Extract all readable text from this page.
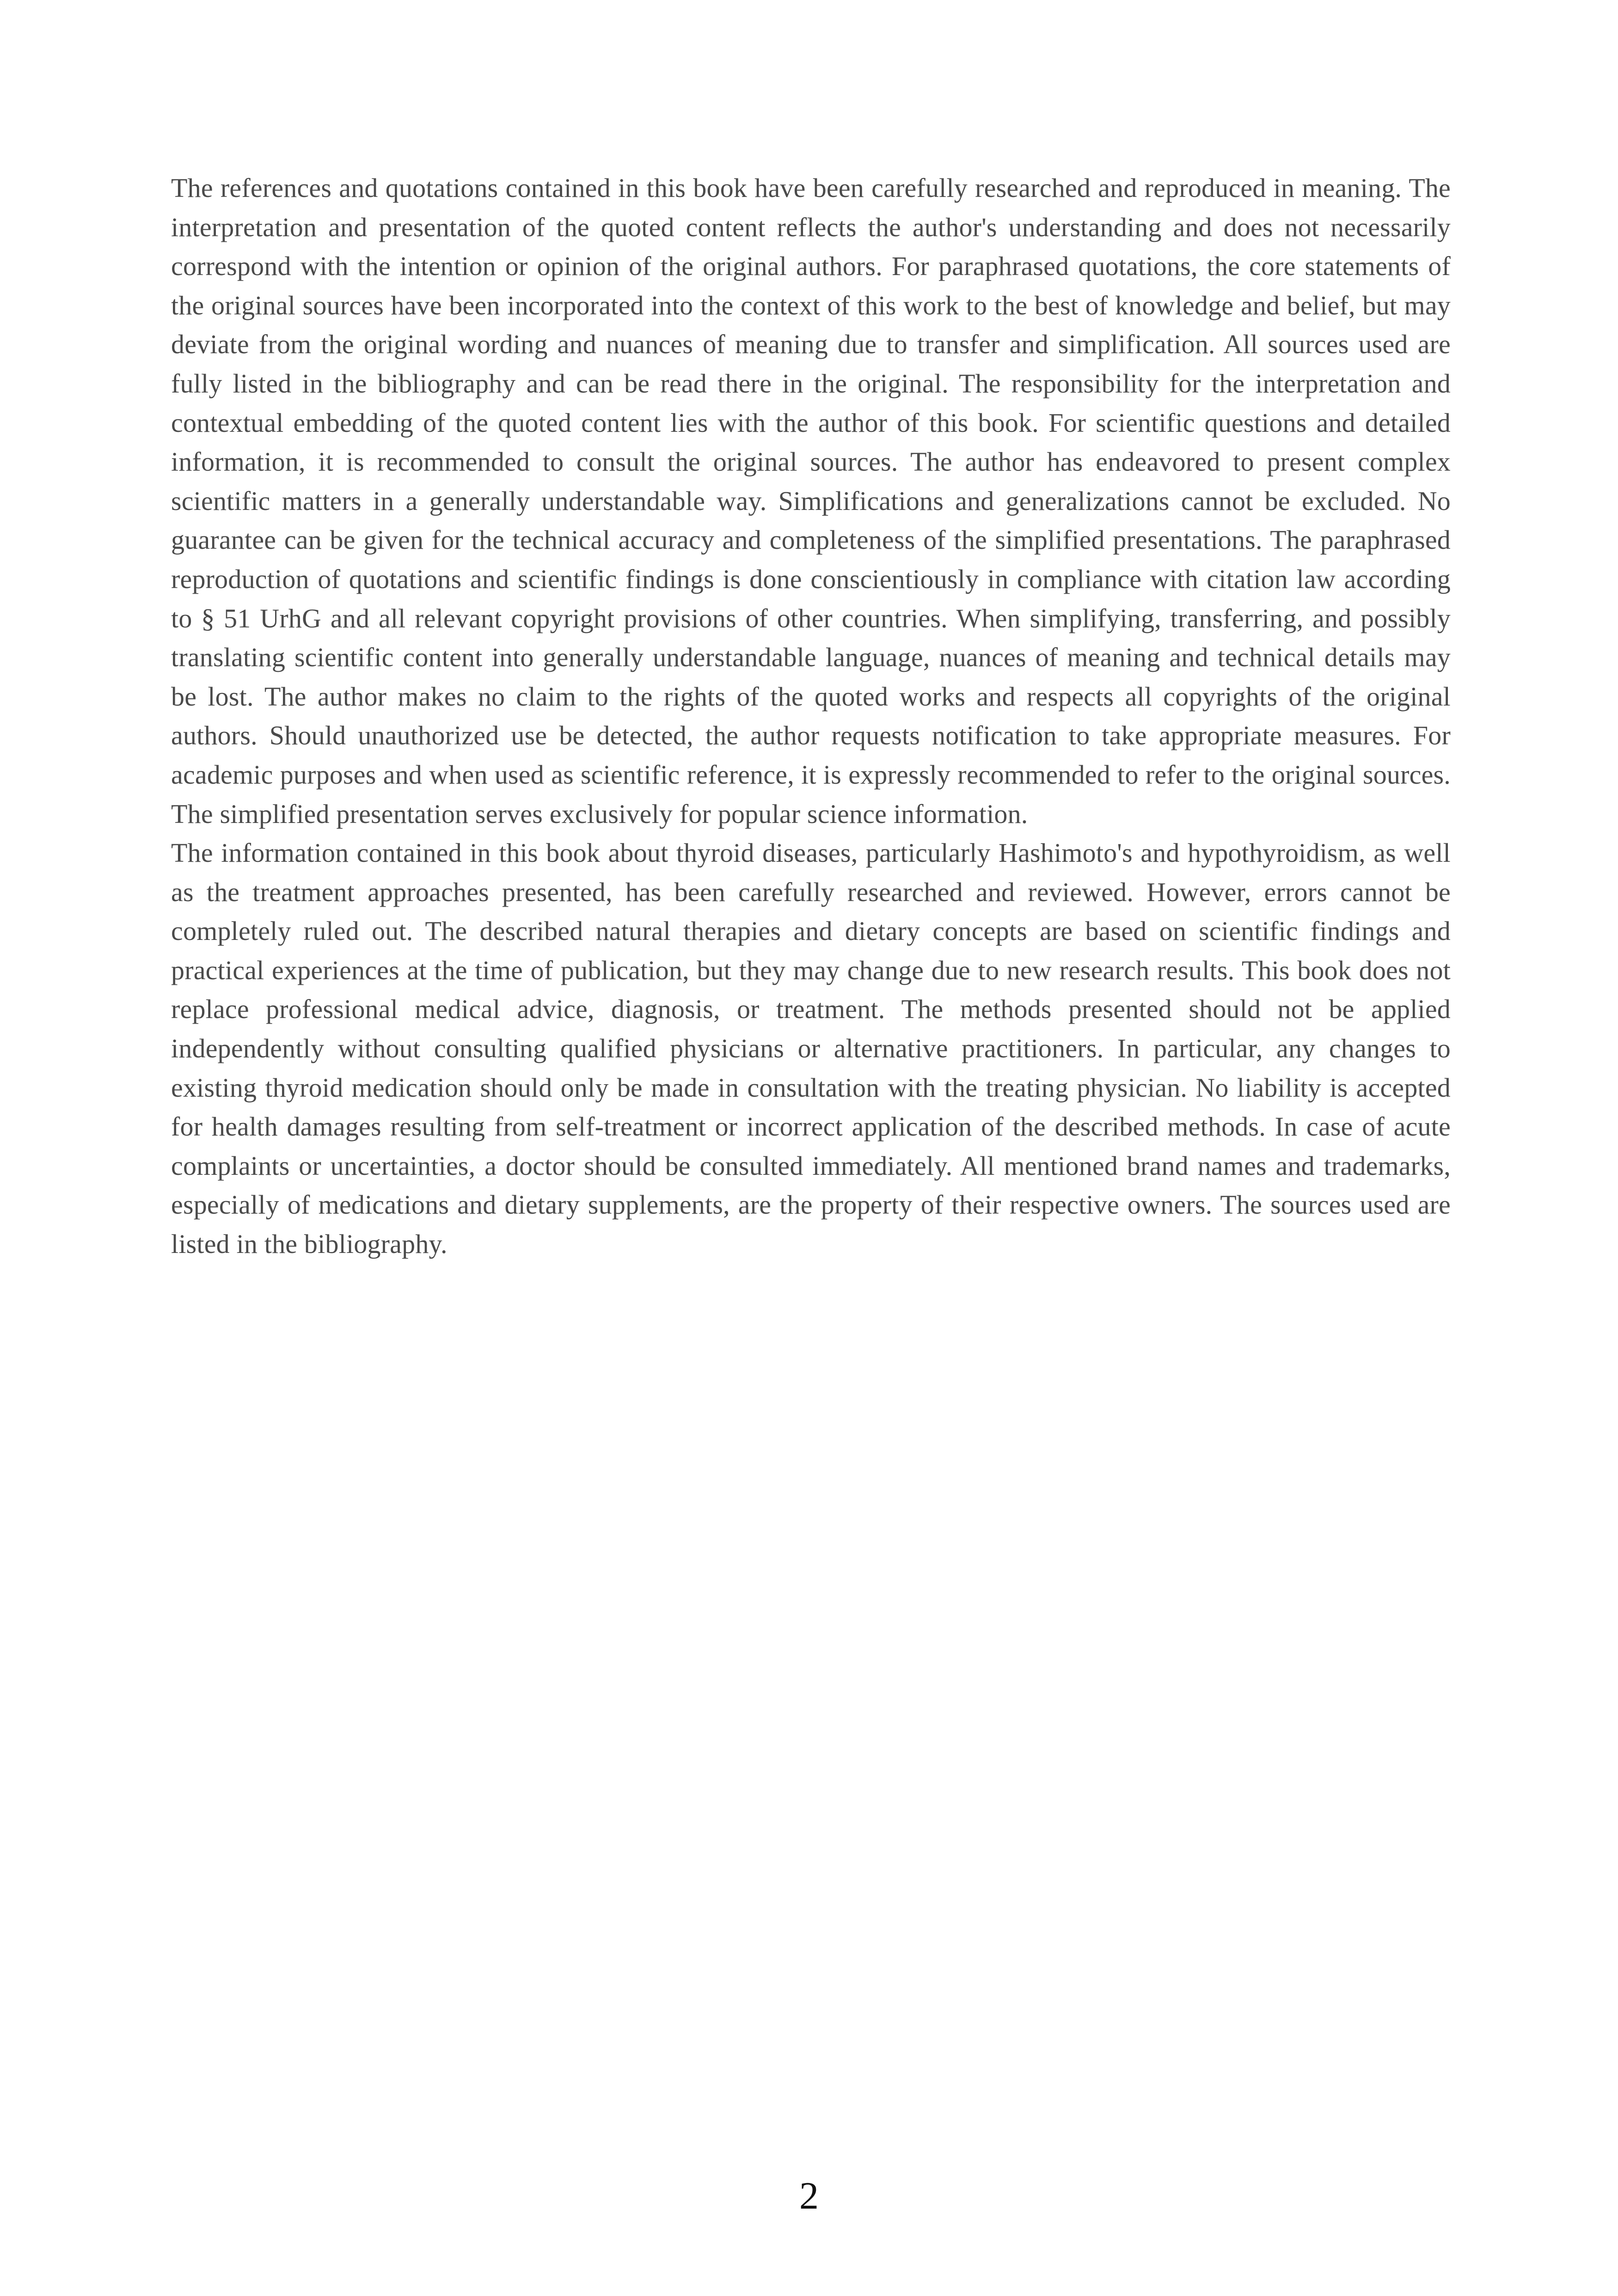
The references and quotations contained in this book have been carefully researched and reproduced in meaning. The interpretation and presentation of the quoted content reflects the author's understanding and does not necessarily correspond with the intention or opinion of the original authors. For paraphrased quotations, the core statements of the original sources have been incorporated into the context of this work to the best of knowledge and belief, but may deviate from the original wording and nuances of meaning due to transfer and simplification. All sources used are fully listed in the bibliography and can be read there in the original. The responsibility for the interpretation and contextual embedding of the quoted content lies with the author of this book. For scientific questions and detailed information, it is recommended to consult the original sources. The author has endeavored to present complex scientific matters in a generally understandable way. Simplifications and generalizations cannot be excluded. No guarantee can be given for the technical accuracy and completeness of the simplified presentations. The paraphrased reproduction of quotations and scientific findings is done conscientiously in compliance with citation law according to § 51 UrhG and all relevant copyright provisions of other countries. When simplifying, transferring, and possibly translating scientific content into generally understandable language, nuances of meaning and technical details may be lost. The author makes no claim to the rights of the quoted works and respects all copyrights of the original authors. Should unauthorized use be detected, the author requests notification to take appropriate measures. For academic purposes and when used as scientific reference, it is expressly recommended to refer to the original sources. The simplified presentation serves exclusively for popular science information.

The information contained in this book about thyroid diseases, particularly Hashimoto's and hypothyroidism, as well as the treatment approaches presented, has been carefully researched and reviewed. However, errors cannot be completely ruled out. The described natural therapies and dietary concepts are based on scientific findings and practical experiences at the time of publication, but they may change due to new research results. This book does not replace professional medical advice, diagnosis, or treatment. The methods presented should not be applied independently without consulting qualified physicians or alternative practitioners. In particular, any changes to existing thyroid medication should only be made in consultation with the treating physician. No liability is accepted for health damages resulting from self-treatment or incorrect application of the described methods. In case of acute complaints or uncertainties, a doctor should be consulted immediately. All mentioned brand names and trademarks, especially of medications and dietary supplements, are the property of their respective owners. The sources used are listed in the bibliography.

2
